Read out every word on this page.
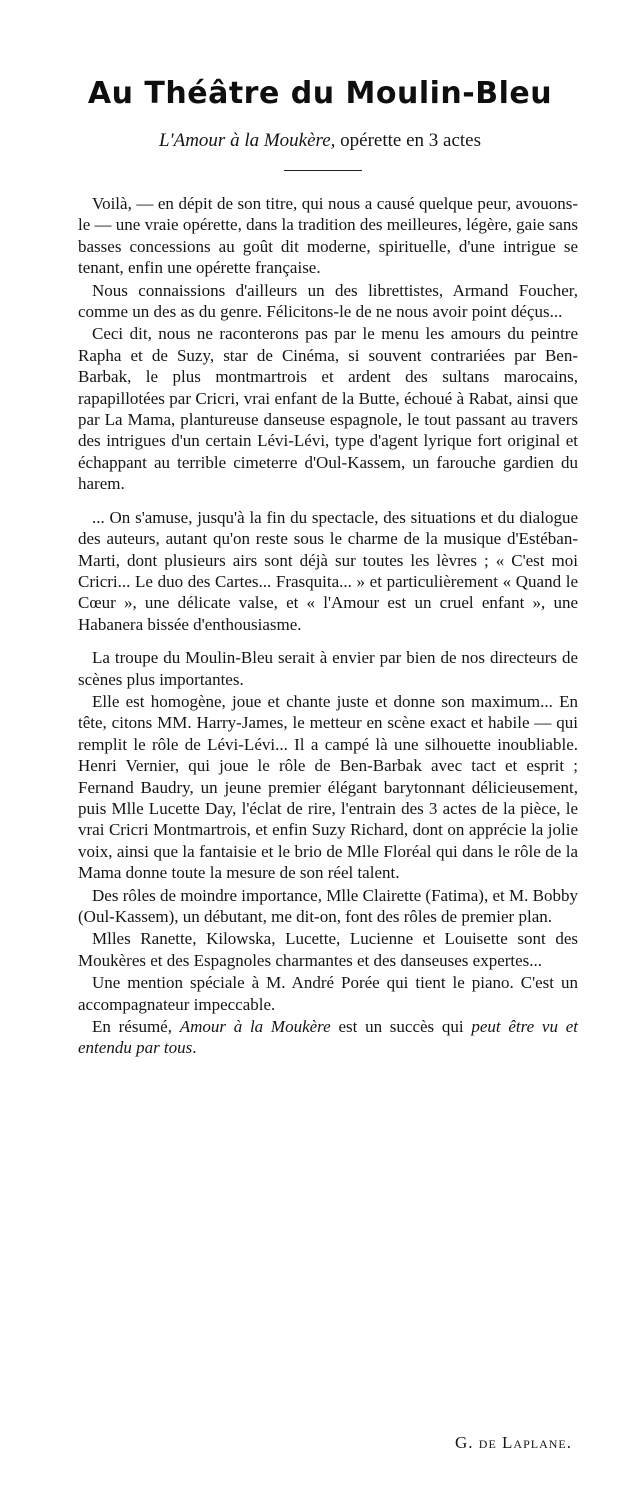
Au Théâtre du Moulin-Bleu

L'Amour à la Moukère, opérette en 3 actes

Voilà, — en dépit de son titre, qui nous a causé quelque peur, avouons-le — une vraie opérette, dans la tradition des meilleures, légère, gaie sans basses concessions au goût dit moderne, spirituelle, d'une intrigue se tenant, enfin une opérette française.

Nous connaissions d'ailleurs un des librettistes, Armand Foucher, comme un des as du genre. Félicitons-le de ne nous avoir point déçus...

Ceci dit, nous ne raconterons pas par le menu les amours du peintre Rapha et de Suzy, star de Cinéma, si souvent contrariées par Ben-Barbak, le plus montmartrois et ardent des sultans marocains, rapapillotées par Cricri, vrai enfant de la Butte, échoué à Rabat, ainsi que par La Mama, plantureuse danseuse espagnole, le tout passant au travers des intrigues d'un certain Lévi-Lévi, type d'agent lyrique fort original et échappant au terrible cimeterre d'Oul-Kassem, un farouche gardien du harem.

... On s'amuse, jusqu'à la fin du spectacle, des situations et du dialogue des auteurs, autant qu'on reste sous le charme de la musique d'Estéban-Marti, dont plusieurs airs sont déjà sur toutes les lèvres ; « C'est moi Cricri... Le duo des Cartes... Frasquita... » et particulièrement « Quand le Cœur », une délicate valse, et « l'Amour est un cruel enfant », une Habanera bissée d'enthousiasme.

La troupe du Moulin-Bleu serait à envier par bien de nos directeurs de scènes plus importantes.

Elle est homogène, joue et chante juste et donne son maximum... En tête, citons MM. Harry-James, le metteur en scène exact et habile — qui remplit le rôle de Lévi-Lévi... Il a campé là une silhouette inoubliable. Henri Vernier, qui joue le rôle de Ben-Barbak avec tact et esprit ; Fernand Baudry, un jeune premier élégant barytonnant délicieusement, puis Mlle Lucette Day, l'éclat de rire, l'entrain des 3 actes de la pièce, le vrai Cricri Montmartrois, et enfin Suzy Richard, dont on apprécie la jolie voix, ainsi que la fantaisie et le brio de Mlle Floréal qui dans le rôle de la Mama donne toute la mesure de son réel talent.

Des rôles de moindre importance, Mlle Clairette (Fatima), et M. Bobby (Oul-Kassem), un débutant, me dit-on, font des rôles de premier plan.

Mlles Ranette, Kilowska, Lucette, Lucienne et Louisette sont des Moukères et des Espagnoles charmantes et des danseuses expertes...

Une mention spéciale à M. André Porée qui tient le piano. C'est un accompagnateur impeccable.

En résumé, Amour à la Moukère est un succès qui peut être vu et entendu par tous.

G. de Laplane.
